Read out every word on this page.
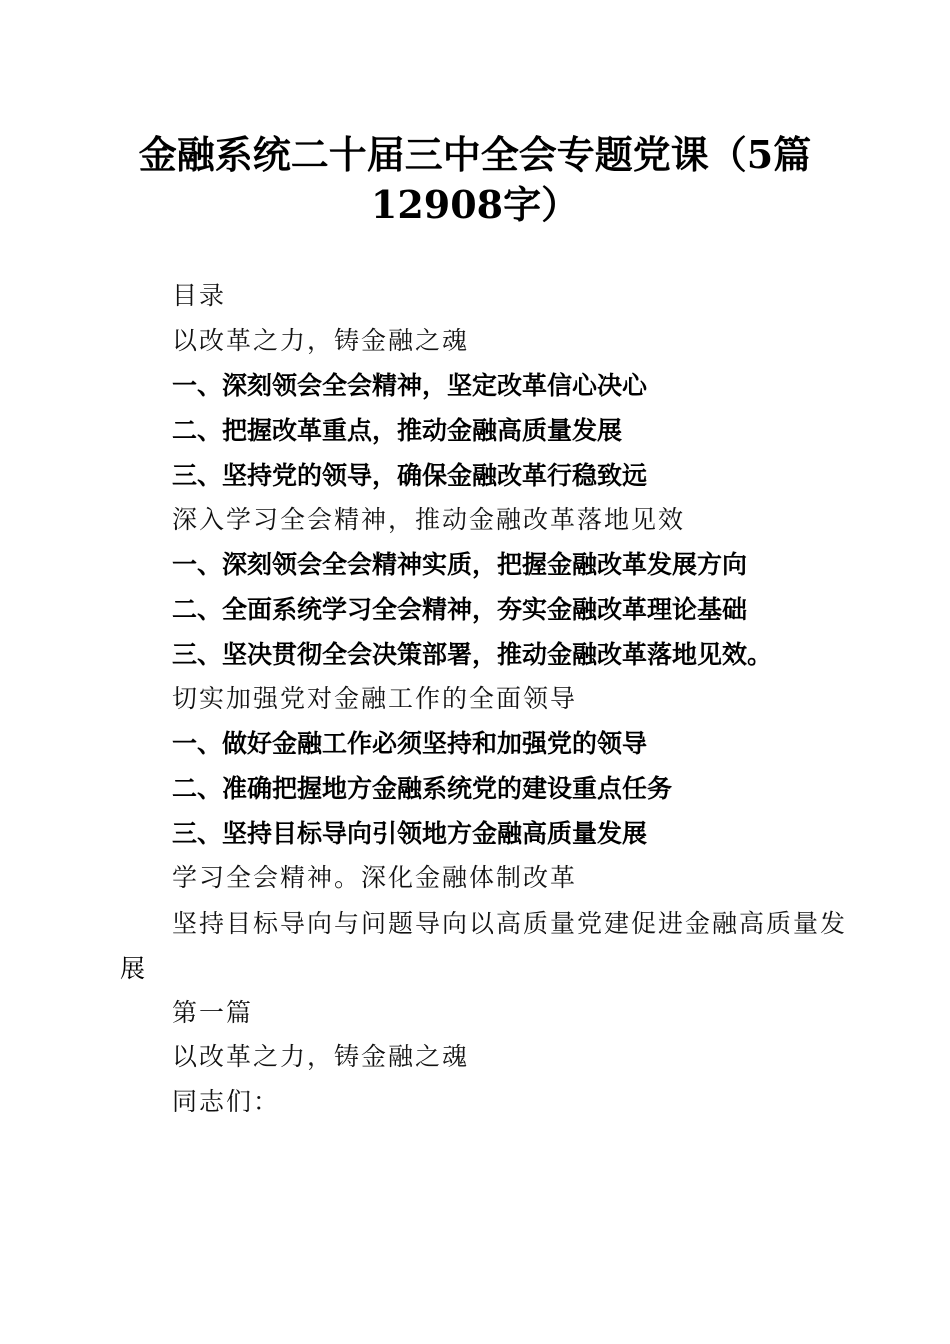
金融系统二十届三中全会专题党课（5篇12908字）

目录

以改革之力，铸金融之魂

一、深刻领会全会精神，坚定改革信心决心

二、把握改革重点，推动金融高质量发展

三、坚持党的领导，确保金融改革行稳致远

深入学习全会精神，推动金融改革落地见效

一、深刻领会全会精神实质，把握金融改革发展方向

二、全面系统学习全会精神，夯实金融改革理论基础

三、坚决贯彻全会决策部署，推动金融改革落地见效。

切实加强党对金融工作的全面领导

一、做好金融工作必须坚持和加强党的领导

二、准确把握地方金融系统党的建设重点任务

三、坚持目标导向引领地方金融高质量发展

学习全会精神。深化金融体制改革

坚持目标导向与问题导向以高质量党建促进金融高质量发

展

第一篇

以改革之力，铸金融之魂

同志们：
